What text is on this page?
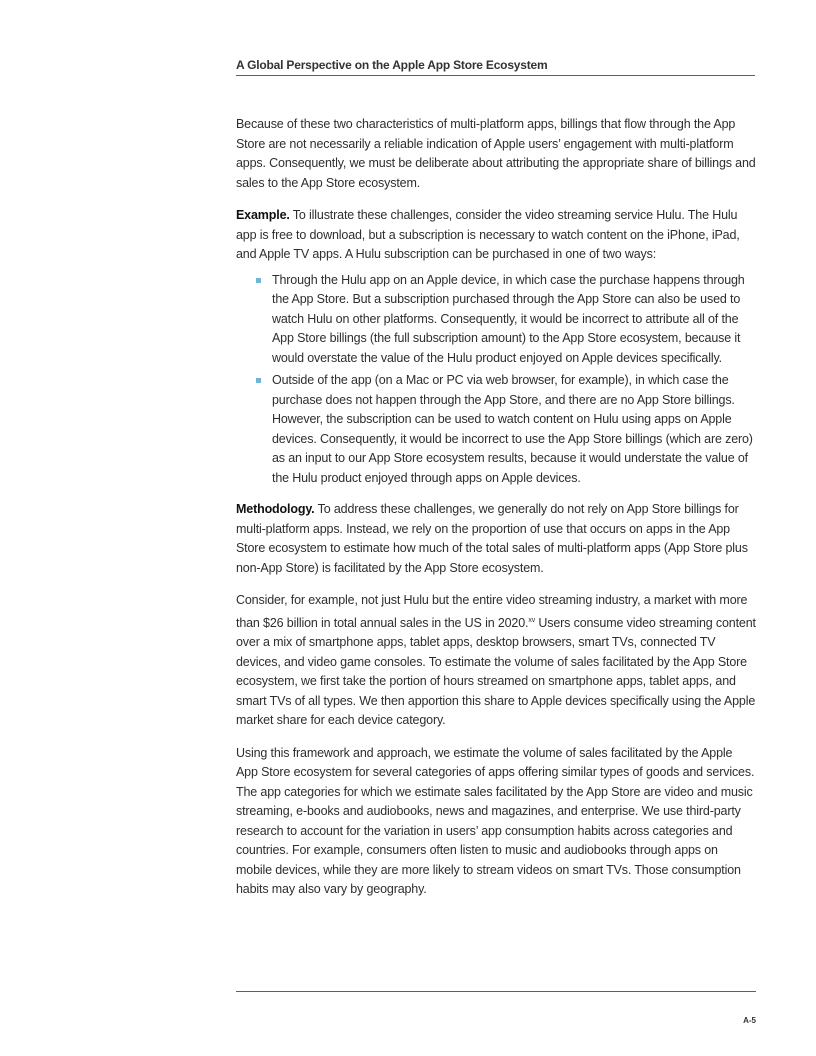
A Global Perspective on the Apple App Store Ecosystem

Because of these two characteristics of multi-platform apps, billings that flow through the App Store are not necessarily a reliable indication of Apple users’ engagement with multi-platform apps. Consequently, we must be deliberate about attributing the appropriate share of billings and sales to the App Store ecosystem.

Example. To illustrate these challenges, consider the video streaming service Hulu. The Hulu app is free to download, but a subscription is necessary to watch content on the iPhone, iPad, and Apple TV apps. A Hulu subscription can be purchased in one of two ways:

Through the Hulu app on an Apple device, in which case the purchase happens through the App Store. But a subscription purchased through the App Store can also be used to watch Hulu on other platforms. Consequently, it would be incorrect to attribute all of the App Store billings (the full subscription amount) to the App Store ecosystem, because it would overstate the value of the Hulu product enjoyed on Apple devices specifically.

Outside of the app (on a Mac or PC via web browser, for example), in which case the purchase does not happen through the App Store, and there are no App Store billings. However, the subscription can be used to watch content on Hulu using apps on Apple devices. Consequently, it would be incorrect to use the App Store billings (which are zero) as an input to our App Store ecosystem results, because it would understate the value of the Hulu product enjoyed through apps on Apple devices.

Methodology. To address these challenges, we generally do not rely on App Store billings for multi-platform apps. Instead, we rely on the proportion of use that occurs on apps in the App Store ecosystem to estimate how much of the total sales of multi-platform apps (App Store plus non-App Store) is facilitated by the App Store ecosystem.

Consider, for example, not just Hulu but the entire video streaming industry, a market with more than $26 billion in total annual sales in the US in 2020.$^{xv}$ Users consume video streaming content over a mix of smartphone apps, tablet apps, desktop browsers, smart TVs, connected TV devices, and video game consoles. To estimate the volume of sales facilitated by the App Store ecosystem, we first take the portion of hours streamed on smartphone apps, tablet apps, and smart TVs of all types. We then apportion this share to Apple devices specifically using the Apple market share for each device category.

Using this framework and approach, we estimate the volume of sales facilitated by the Apple App Store ecosystem for several categories of apps offering similar types of goods and services. The app categories for which we estimate sales facilitated by the App Store are video and music streaming, e-books and audiobooks, news and magazines, and enterprise. We use third-party research to account for the variation in users’ app consumption habits across categories and countries. For example, consumers often listen to music and audiobooks through apps on mobile devices, while they are more likely to stream videos on smart TVs. Those consumption habits may also vary by geography.

A-5
